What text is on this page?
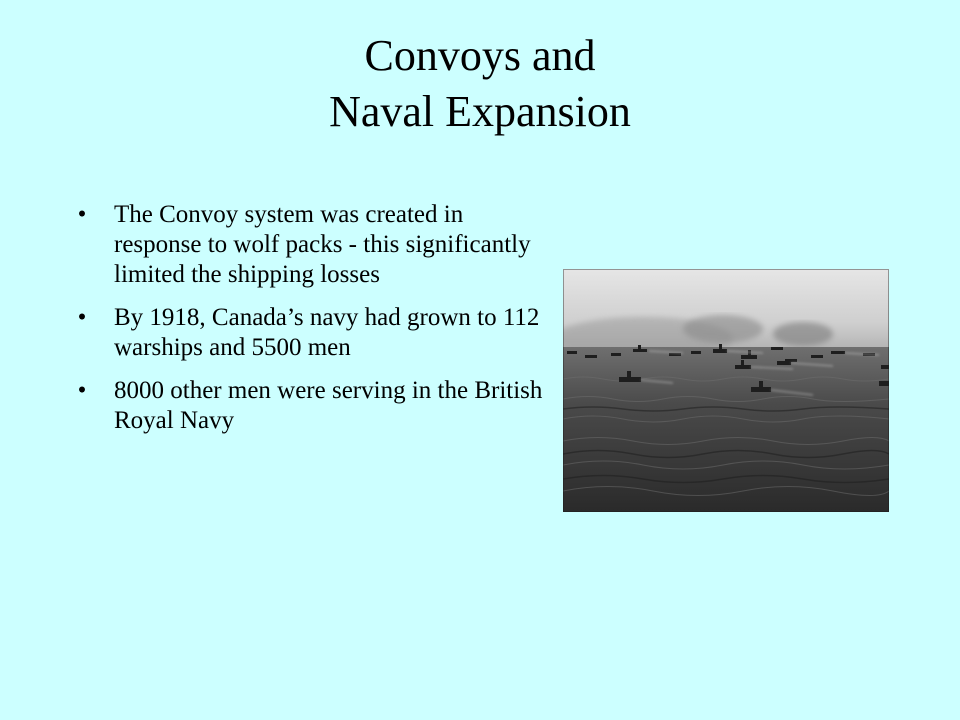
Convoys and
Naval Expansion
• The Convoy system was created in response to wolf packs - this significantly limited the shipping losses
• By 1918, Canada’s navy had grown to 112 warships and 5500 men
• 8000 other men were serving in the British Royal Navy
